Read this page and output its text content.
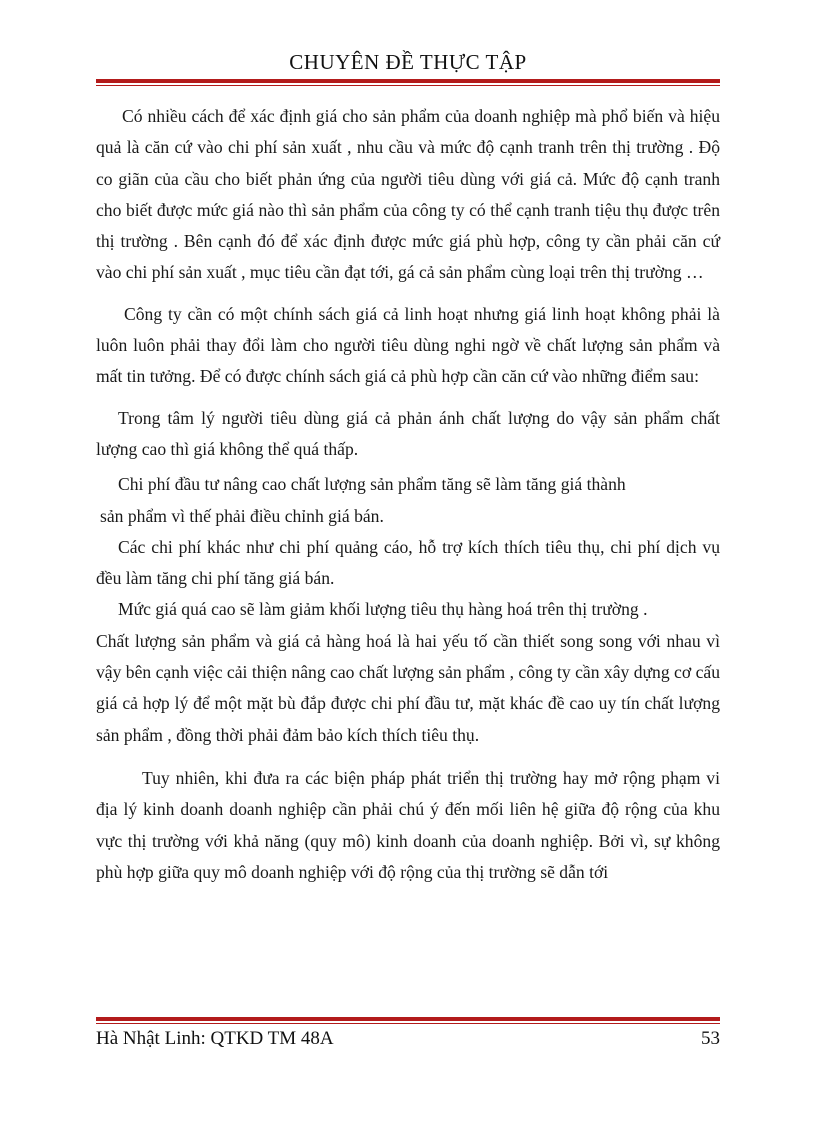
CHUYÊN ĐỀ THỰC TẬP

Có nhiều cách để xác định giá cho sản phẩm của doanh nghiệp mà phổ biến và hiệu quả là căn cứ vào chi phí sản xuất , nhu cầu và mức độ cạnh tranh trên thị trường . Độ co giãn của cầu cho biết phản ứng của người tiêu dùng với giá cả. Mức độ cạnh tranh cho biết được mức giá nào thì sản phẩm của công ty có thể cạnh tranh tiệu thụ được trên thị trường . Bên cạnh đó để xác định được mức giá phù hợp, công ty cần phải căn cứ vào chi phí sản xuất , mục tiêu cần đạt tới, gá cả sản phẩm cùng loại trên thị trường …

Công ty cần có một chính sách giá cả linh hoạt nhưng giá linh hoạt không phải là luôn luôn phải thay đổi làm cho người tiêu dùng nghi ngờ về chất lượng sản phẩm và mất tin tưởng. Để có được chính sách giá cả phù hợp cần căn cứ vào những điểm sau:

Trong tâm lý người tiêu dùng giá cả phản ánh chất lượng do vậy sản phẩm chất lượng cao thì giá không thể quá thấp.

Chi phí đầu tư nâng cao chất lượng sản phẩm tăng sẽ làm tăng giá thành

sản phẩm vì thế phải điều chỉnh giá bán.

Các chi phí khác như chi phí quảng cáo, hỗ trợ kích thích tiêu thụ, chi phí dịch vụ đều làm tăng chi phí tăng giá bán.

Mức giá quá cao sẽ làm giảm khối lượng tiêu thụ hàng hoá trên thị trường .

Chất lượng sản phẩm và giá cả hàng hoá là hai yếu tố cần thiết song song với nhau vì vậy bên cạnh việc cải thiện nâng cao chất lượng sản phẩm , công ty cần xây dựng cơ cấu giá cả hợp lý để một mặt bù đắp được chi phí đầu tư, mặt khác đề cao uy tín chất lượng sản phẩm , đồng thời phải đảm bảo kích thích tiêu thụ.

Tuy nhiên, khi đưa ra các biện pháp phát triển thị trường hay mở rộng phạm vi địa lý kinh doanh doanh nghiệp cần phải chú ý đến mối liên hệ giữa độ rộng của khu vực thị trường với khả năng (quy mô) kinh doanh của doanh nghiệp. Bởi vì, sự không phù hợp giữa quy mô doanh nghiệp với độ rộng của thị trường sẽ dẫn tới

Hà Nhật Linh: QTKD TM 48A	53
